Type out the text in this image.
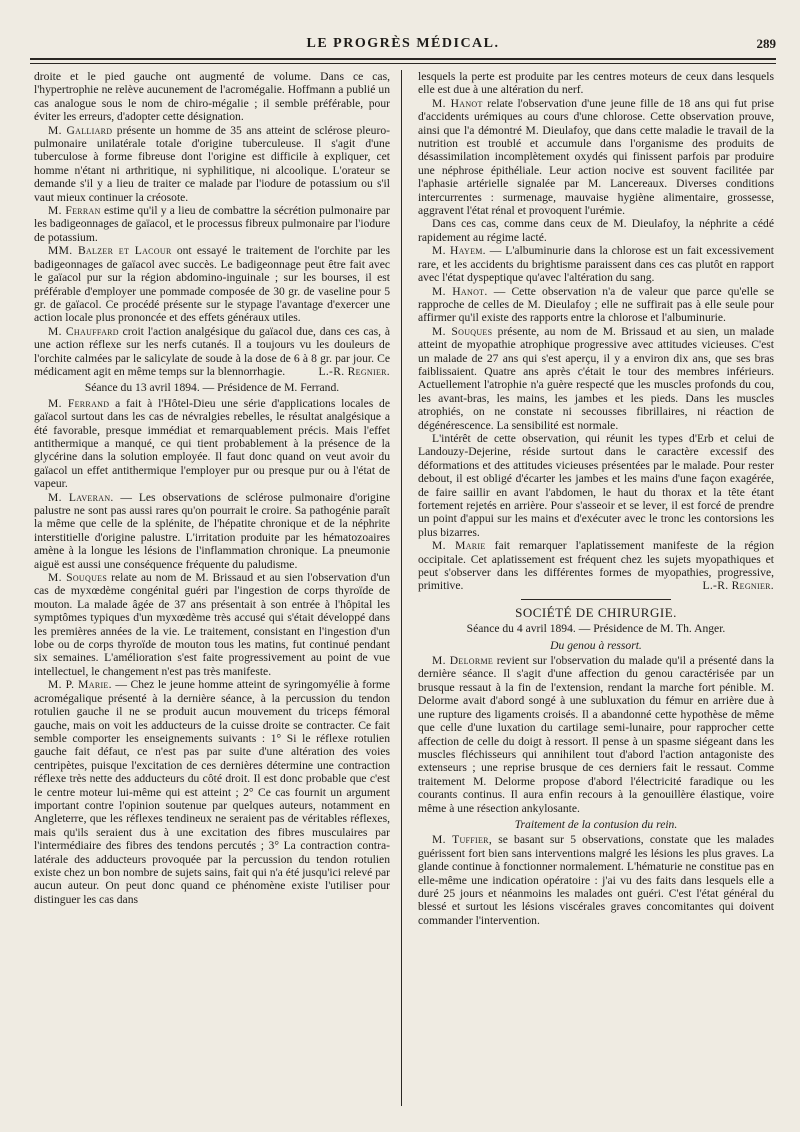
LE PROGRÈS MÉDICAL.	289

droite et le pied gauche ont augmenté de volume. Dans ce cas, l'hypertrophie ne relève aucunement de l'acromégalie. Hoffmann a publié un cas analogue sous le nom de chiro-mégalie ; il semble préférable, pour éviter les erreurs, d'adopter cette désignation.

M. Galliard présente un homme de 35 ans atteint de sclérose pleuro-pulmonaire unilatérale totale d'origine tuberculeuse. Il s'agit d'une tuberculose à forme fibreuse dont l'origine est difficile à expliquer, cet homme n'étant ni arthritique, ni syphilitique, ni alcoolique. L'orateur se demande s'il y a lieu de traiter ce malade par l'iodure de potassium ou s'il vaut mieux continuer la créosote.

M. Ferran estime qu'il y a lieu de combattre la sécrétion pulmonaire par les badigeonnages de gaïacol, et le processus fibreux pulmonaire par l'iodure de potassium.

MM. Balzer et Lacour ont essayé le traitement de l'orchite par les badigeonnages de gaïacol avec succès. Le badigeonnage peut être fait avec le gaïacol pur sur la région abdomino-inguinale ; sur les bourses, il est préférable d'employer une pommade composée de 30 gr. de vaseline pour 5 gr. de gaïacol. Ce procédé présente sur le stypage l'avantage d'exercer une action locale plus prononcée et des effets généraux utiles.

M. Chauffard croit l'action analgésique du gaïacol due, dans ces cas, à une action réflexe sur les nerfs cutanés. Il a toujours vu les douleurs de l'orchite calmées par le salicylate de soude à la dose de 6 à 8 gr. par jour. Ce médicament agit en même temps sur la blennorrhagie.	L.-R. Regnier.

Séance du 13 avril 1894. — Présidence de M. Ferrand.

M. Ferrand a fait à l'Hôtel-Dieu une série d'applications locales de gaïacol surtout dans les cas de névralgies rebelles, le résultat analgésique a été favorable, presque immédiat et remarquablement précis. Mais l'effet antithermique a manqué, ce qui tient probablement à la présence de la glycérine dans la solution employée. Il faut donc quand on veut avoir du gaïacol un effet antithermique l'employer pur ou presque pur ou à l'état de vapeur.

M. Laveran. — Les observations de sclérose pulmonaire d'origine palustre ne sont pas aussi rares qu'on pourrait le croire. Sa pathogénie paraît la même que celle de la splénite, de l'hépatite chronique et de la néphrite interstitielle d'origine palustre. L'irritation produite par les hématozoaires amène à la longue les lésions de l'inflammation chronique. La pneumonie aiguë est aussi une conséquence fréquente du paludisme.

M. Souques relate au nom de M. Brissaud et au sien l'observation d'un cas de myxœdème congénital guéri par l'ingestion de corps thyroïde de mouton. La malade âgée de 37 ans présentait à son entrée à l'hôpital les symptômes typiques d'un myxœdème très accusé qui s'était développé dans les premières années de la vie. Le traitement, consistant en l'ingestion d'un lobe ou de corps thyroïde de mouton tous les matins, fut continué pendant six semaines. L'amélioration s'est faite progressivement au point de vue intellectuel, le changement n'est pas très manifeste.

M. P. Marie. — Chez le jeune homme atteint de syringomyélie à forme acromégalique présenté à la dernière séance, à la percussion du tendon rotulien gauche il ne se produit aucun mouvement du triceps fémoral gauche, mais on voit les adducteurs de la cuisse droite se contracter. Ce fait semble comporter les enseignements suivants : 1° Si le réflexe rotulien gauche fait défaut, ce n'est pas par suite d'une altération des voies centripètes, puisque l'excitation de ces dernières détermine une contraction réflexe très nette des adducteurs du côté droit. Il est donc probable que c'est le centre moteur lui-même qui est atteint ; 2° Ce cas fournit un argument important contre l'opinion soutenue par quelques auteurs, notamment en Angleterre, que les réflexes tendineux ne seraient pas de véritables réflexes, mais qu'ils seraient dus à une excitation des fibres musculaires par l'intermédiaire des fibres des tendons percutés ; 3° La contraction contra-latérale des adducteurs provoquée par la percussion du tendon rotulien existe chez un bon nombre de sujets sains, fait qui n'a été jusqu'ici relevé par aucun auteur. On peut donc quand ce phénomène existe l'utiliser pour distinguer les cas dans

lesquels la perte est produite par les centres moteurs de ceux dans lesquels elle est due à une altération du nerf.

M. Hanot relate l'observation d'une jeune fille de 18 ans qui fut prise d'accidents urémiques au cours d'une chlorose. Cette observation prouve, ainsi que l'a démontré M. Dieulafoy, que dans cette maladie le travail de la nutrition est troublé et accumule dans l'organisme des produits de désassimilation incomplètement oxydés qui finissent parfois par produire une néphrose épithéliale. Leur action nocive est souvent facilitée par l'aphasie artérielle signalée par M. Lancereaux. Diverses conditions intercurrentes : surmenage, mauvaise hygiène alimentaire, grossesse, aggravent l'état rénal et provoquent l'urémie.

Dans ces cas, comme dans ceux de M. Dieulafoy, la néphrite a cédé rapidement au régime lacté.

M. Hayem. — L'albuminurie dans la chlorose est un fait excessivement rare, et les accidents du brightisme paraissent dans ces cas plutôt en rapport avec l'état dyspeptique qu'avec l'altération du sang.

M. Hanot. — Cette observation n'a de valeur que parce qu'elle se rapproche de celles de M. Dieulafoy ; elle ne suffirait pas à elle seule pour affirmer qu'il existe des rapports entre la chlorose et l'albuminurie.

M. Souques présente, au nom de M. Brissaud et au sien, un malade atteint de myopathie atrophique progressive avec attitudes vicieuses. C'est un malade de 27 ans qui s'est aperçu, il y a environ dix ans, que ses bras faiblissaient. Quatre ans après c'était le tour des membres inférieurs. Actuellement l'atrophie n'a guère respecté que les muscles profonds du cou, les avant-bras, les mains, les jambes et les pieds. Dans les muscles atrophiés, on ne constate ni secousses fibrillaires, ni réaction de dégénérescence. La sensibilité est normale.

L'intérêt de cette observation, qui réunit les types d'Erb et celui de Landouzy-Dejerine, réside surtout dans le caractère excessif des déformations et des attitudes vicieuses présentées par le malade. Pour rester debout, il est obligé d'écarter les jambes et les mains d'une façon exagérée, de faire saillir en avant l'abdomen, le haut du thorax et la tête étant fortement rejetés en arrière. Pour s'asseoir et se lever, il est forcé de prendre un point d'appui sur les mains et d'exécuter avec le tronc les contorsions les plus bizarres.

M. Marie fait remarquer l'aplatissement manifeste de la région occipitale. Cet aplatissement est fréquent chez les sujets myopathiques et peut s'observer dans les différentes formes de myopathies, progressive, primitive.	L.-R. Regnier.

SOCIÉTÉ DE CHIRURGIE.
Séance du 4 avril 1894. — Présidence de M. Th. Anger.
Du genou à ressort.

M. Delorme revient sur l'observation du malade qu'il a présenté dans la dernière séance. Il s'agit d'une affection du genou caractérisée par un brusque ressaut à la fin de l'extension, rendant la marche fort pénible. M. Delorme avait d'abord songé à une subluxation du fémur en arrière due à une rupture des ligaments croisés. Il a abandonné cette hypothèse de même que celle d'une luxation du cartilage semi-lunaire, pour rapprocher cette affection de celle du doigt à ressort. Il pense à un spasme siégeant dans les muscles fléchisseurs qui annihilent tout d'abord l'action antagoniste des extenseurs ; une reprise brusque de ces derniers fait le ressaut. Comme traitement M. Delorme propose d'abord l'électricité faradique ou les courants continus. Il aura enfin recours à la genouillère élastique, voire même à une résection ankylosante.

Traitement de la contusion du rein.

M. Tuffier, se basant sur 5 observations, constate que les malades guérissent fort bien sans interventions malgré les lésions les plus graves. La glande continue à fonctionner normalement. L'hématurie ne constitue pas en elle-même une indication opératoire : j'ai vu des faits dans lesquels elle a duré 25 jours et néanmoins les malades ont guéri. C'est l'état général du blessé et surtout les lésions viscérales graves concomitantes qui doivent commander l'intervention.
